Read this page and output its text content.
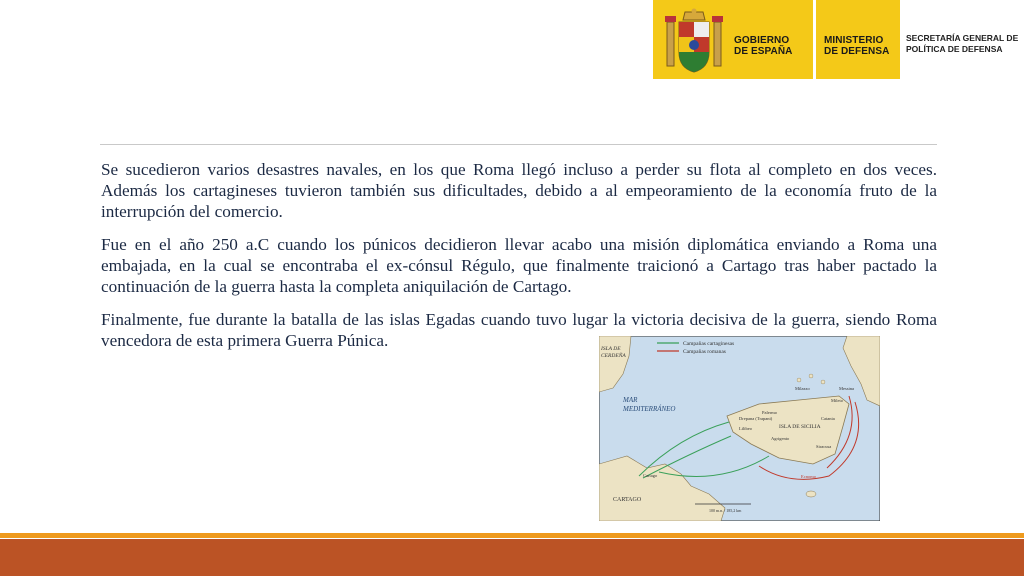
GOBIERNO
DE ESPAÑA
MINISTERIO
DE DEFENSA
SECRETARÍA GENERAL DE
POLÍTICA DE DEFENSA

Se sucedieron varios desastres navales, en los que Roma llegó incluso a perder su flota al completo en dos veces. Además los cartagineses tuvieron también sus dificultades, debido a al empeoramiento de la economía fruto de la interrupción del comercio.

Fue en el año 250 a.C cuando los púnicos decidieron llevar acabo una misión diplomática enviando a Roma una embajada, en la cual se encontraba el ex-cónsul Régulo, que finalmente traicionó a Cartago tras haber pactado la continuación de la guerra hasta la completa aniquilación de Cartago.

Finalmente, fue durante la batalla de las islas Egadas cuando tuvo lugar la victoria decisiva de la guerra, siendo Roma vencedora de esta primera Guerra Púnica.	Campañas cartaginesas
Campañas romanas
ISLA DE
CERDEÑA
MAR
MEDITERRÁNEO
ISLA DE SICILIA
CARTAGO
Milazzo	Messina
Mileto
Palermo
Drepana (Trapani)
Lilibeo
Catania
Agrigento
Siracusa
Ecnomo
Cartago
100 m.n. / 185,2 km
